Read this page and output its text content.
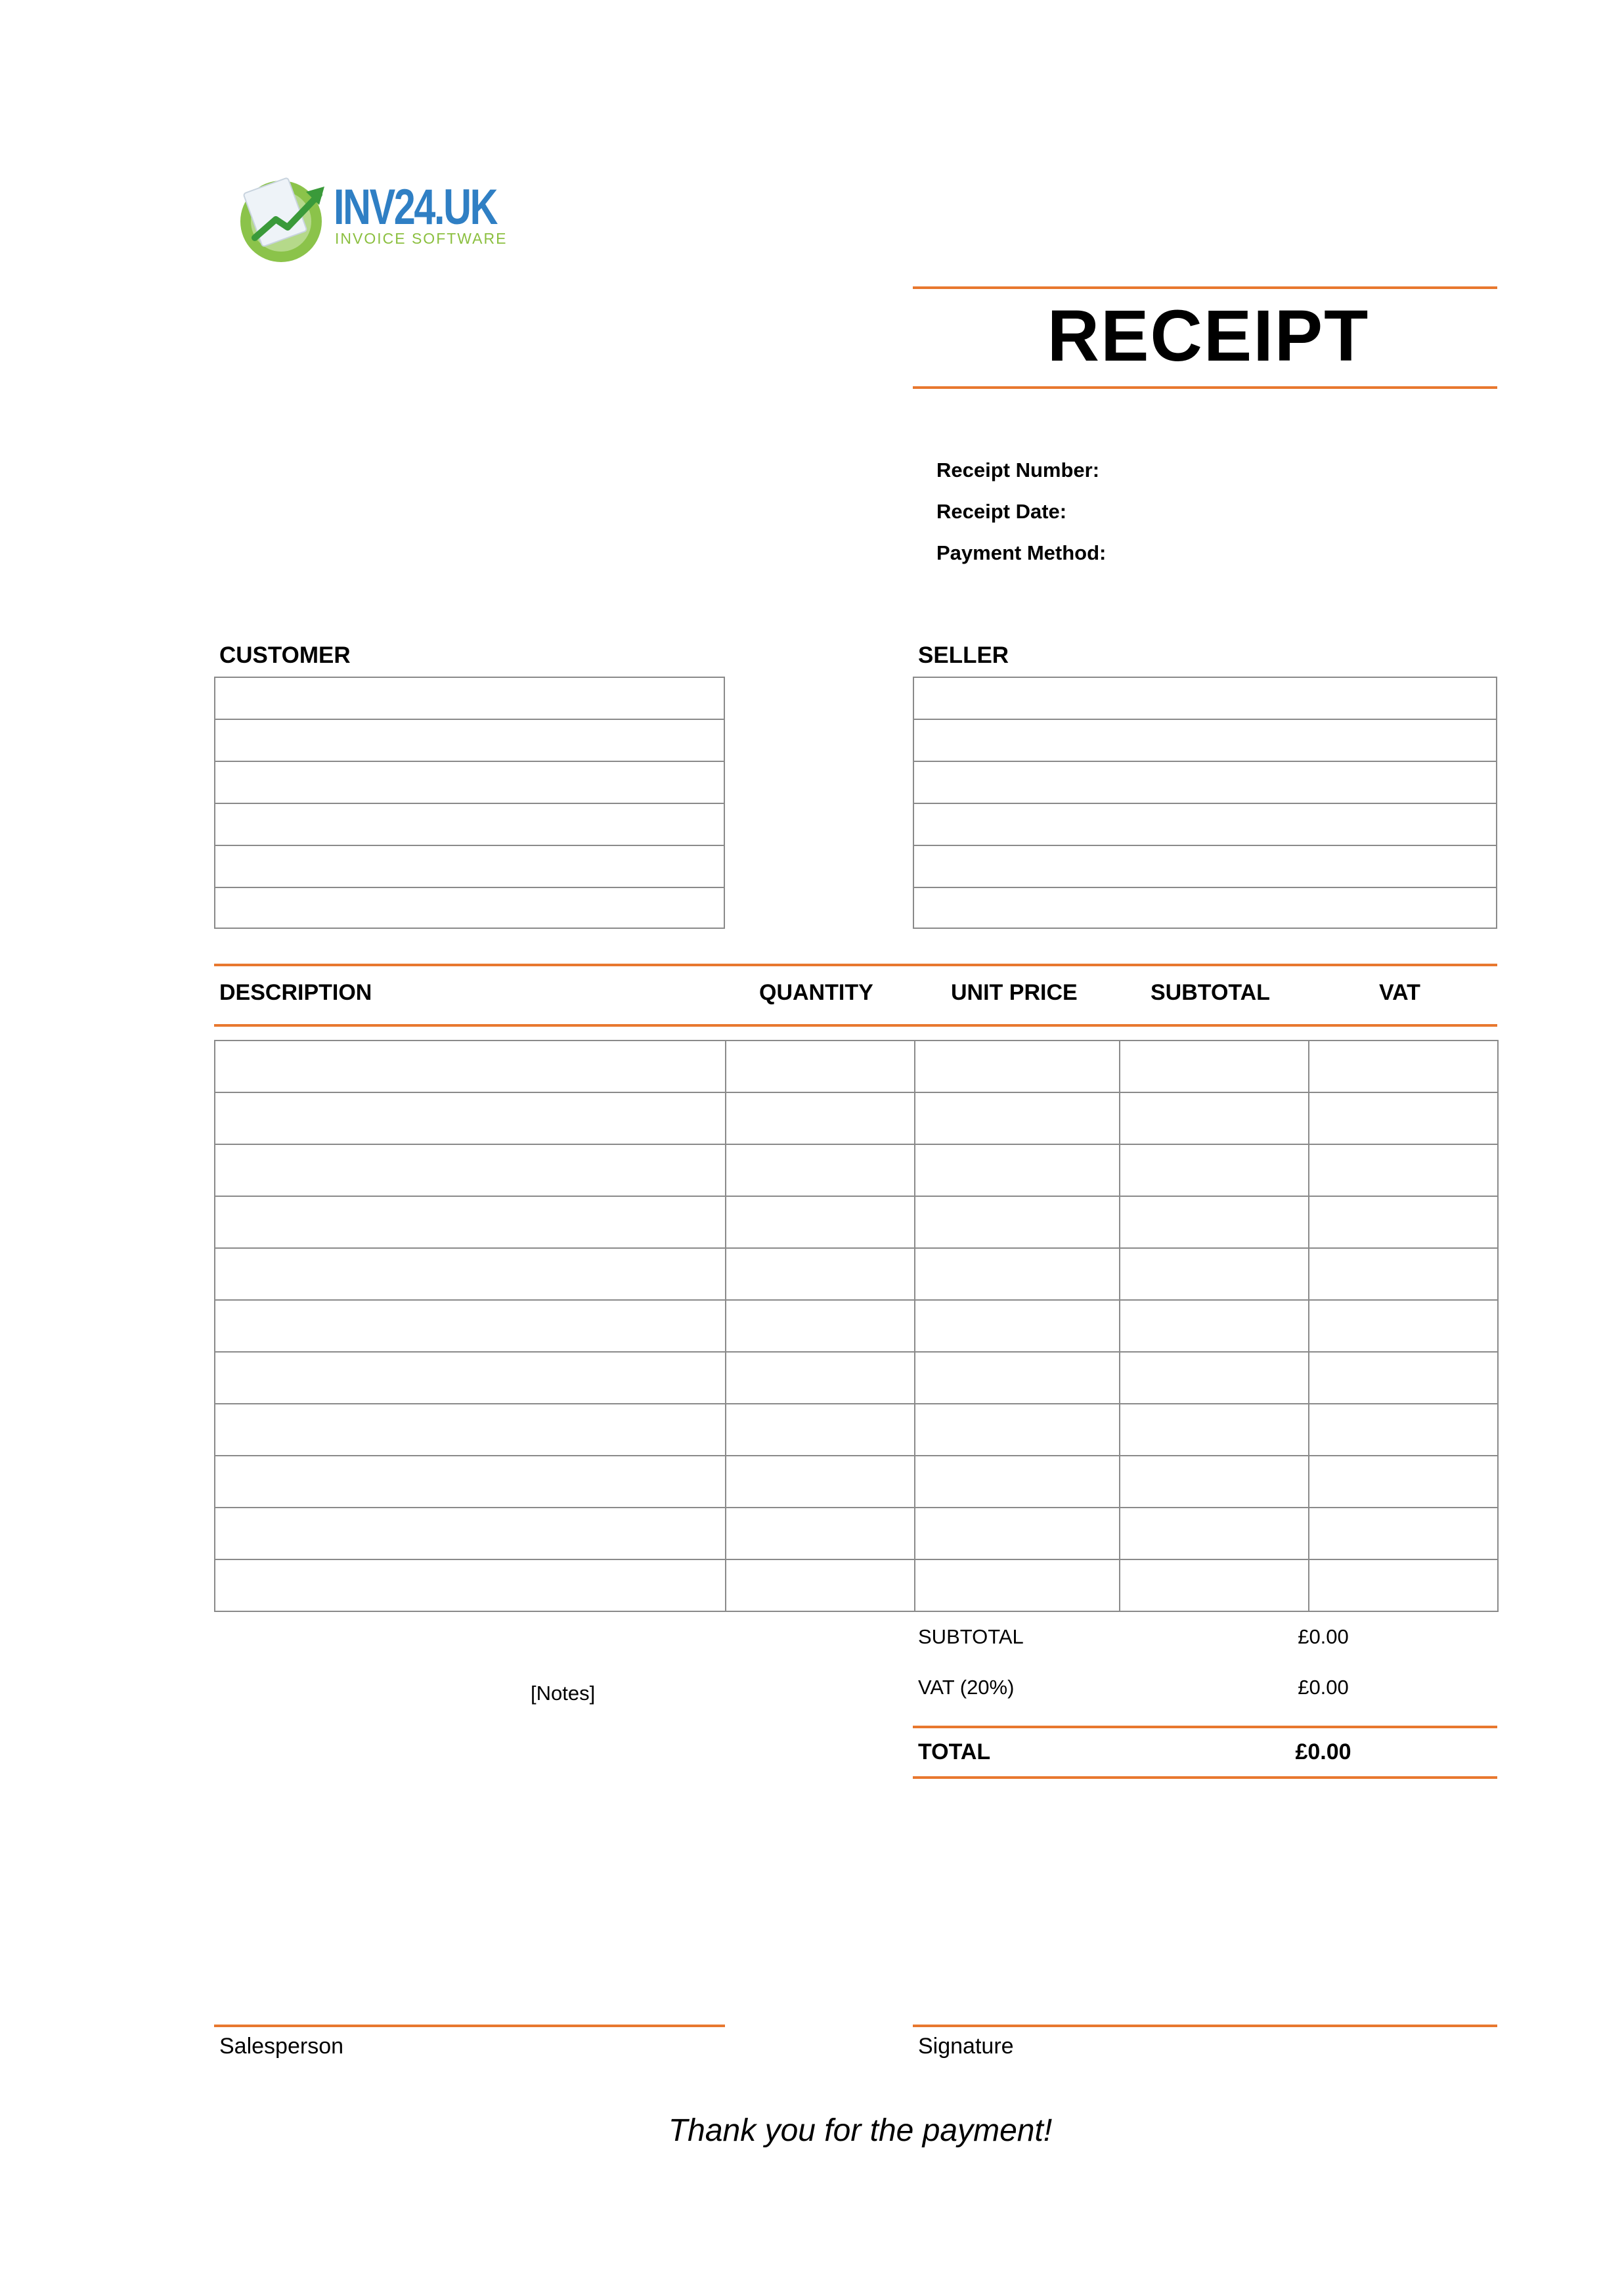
INV24.UK
INVOICE SOFTWARE
RECEIPT
Receipt Number:
Receipt Date:
Payment Method:
CUSTOMER	SELLER
DESCRIPTION	QUANTITY	UNIT PRICE	SUBTOTAL	VAT

SUBTOTAL	£0.00
VAT (20%)	£0.00
TOTAL	£0.00
[Notes]
Salesperson	Signature
Thank you for the payment!
